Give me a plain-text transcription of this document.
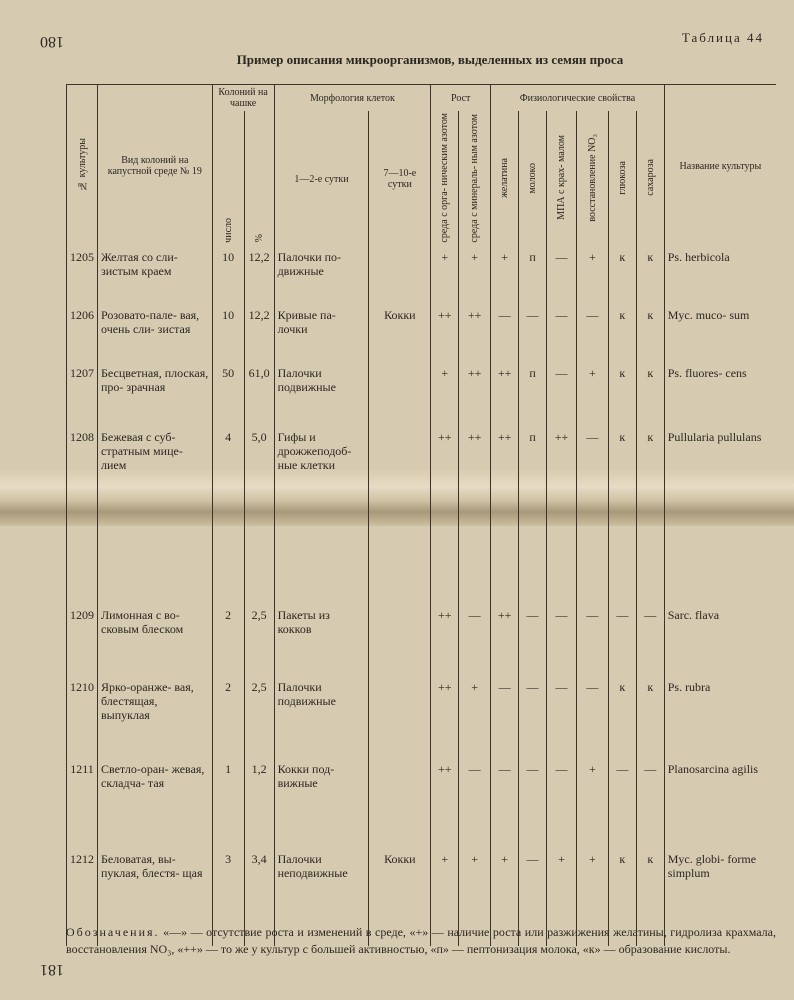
180	Таблица 44
Пример описания микроорганизмов, выделенных из семян проса
№ культуры	Вид колоний на капустной среде № 19	Колоний на чашке		Морфология клеток		Рост		Физиологические свойства						Название культуры
		число	%	1—2-е сутки	7—10-е сутки	среда с орга- ническим азотом	среда с минераль- ным азотом	желатина	молоко	МПА с крах- малом	восстановление NO₃	глюкоза	сахароза	

1205	Желтая со сли- зистым краем	10	12,2	Палочки по- движные		+	+	+	п	—	+	к	к	Ps. herbicola
1206	Розовато-пале- вая, очень сли- зистая	10	12,2	Кривые па- лочки	Кокки	++	++	—	—	—	—	к	к	Myc. muco- sum
1207	Бесцветная, плоская, про- зрачная	50	61,0	Палочки подвижные		+	++	++	п	—	+	к	к	Ps. fluores- cens
1208	Бежевая с суб- стратным мице- лием	4	5,0	Гифы и дрожжеподоб- ные клетки		++	++	++	п	++	—	к	к	Pullularia pullulans
1209	Лимонная с во- сковым блеском	2	2,5	Пакеты из кокков		++	—	++	—	—	—	—	—	Sarc. flava
1210	Ярко-оранже- вая, блестящая, выпуклая	2	2,5	Палочки подвижные		++	+	—	—	—	—	к	к	Ps. rubra
1211	Светло-оран- жевая, складча- тая	1	1,2	Кокки под- вижные		++	—	—	—	—	+	—	—	Planosarcina agilis
1212	Беловатая, вы- пуклая, блестя- щая	3	3,4	Палочки неподвижные	Кокки	+	+	+	—	+	+	к	к	Myc. globi- forme simplum
Обозначения. «—» — отсутствие роста и изменений в среде, «+» — наличие роста или разжижения желатины, гидролиза крахмала, восстановления NO₃, «++» — то же у культур с большей активностью, «п» — пептонизация молока, «к» — образование кислоты.
181
